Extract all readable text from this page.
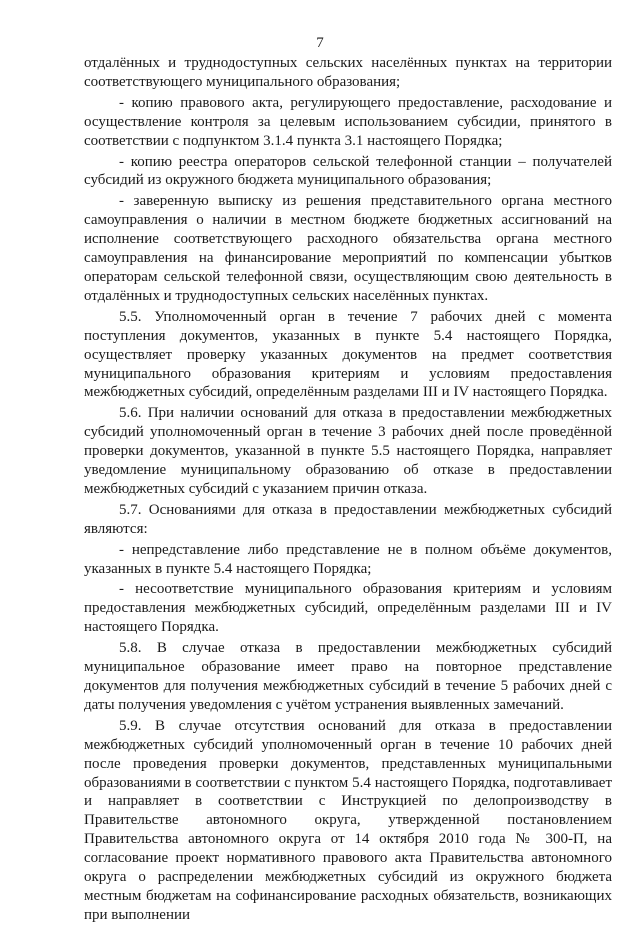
7

отдалённых и труднодоступных сельских населённых пунктах на территории соответствующего муниципального образования;

- копию правового акта, регулирующего предоставление, расходование и осуществление контроля за целевым использованием субсидии, принятого в соответствии с подпунктом 3.1.4 пункта 3.1 настоящего Порядка;

- копию реестра операторов сельской телефонной станции – получателей субсидий из окружного бюджета муниципального образования;

- заверенную выписку из решения представительного органа местного самоуправления о наличии в местном бюджете бюджетных ассигнований на исполнение соответствующего расходного обязательства органа местного самоуправления на финансирование мероприятий по компенсации убытков операторам сельской телефонной связи, осуществляющим свою деятельность в отдалённых и труднодоступных сельских населённых пунктах.

5.5. Уполномоченный орган в течение 7 рабочих дней с момента поступления документов, указанных в пункте 5.4 настоящего Порядка, осуществляет проверку указанных документов на предмет соответствия муниципального образования критериям и условиям предоставления межбюджетных субсидий, определённым разделами III и IV настоящего Порядка.

5.6. При наличии оснований для отказа в предоставлении межбюджетных субсидий уполномоченный орган в течение 3 рабочих дней после проведённой проверки документов, указанной в пункте 5.5 настоящего Порядка, направляет уведомление муниципальному образованию об отказе в предоставлении межбюджетных субсидий с указанием причин отказа.

5.7. Основаниями для отказа в предоставлении межбюджетных субсидий являются:

- непредставление либо представление не в полном объёме документов, указанных в пункте 5.4 настоящего Порядка;

- несоответствие муниципального образования критериям и условиям предоставления межбюджетных субсидий, определённым разделами III и IV настоящего Порядка.

5.8. В случае отказа в предоставлении межбюджетных субсидий муниципальное образование имеет право на повторное представление документов для получения межбюджетных субсидий в течение 5 рабочих дней с даты получения уведомления с учётом устранения выявленных замечаний.

5.9. В случае отсутствия оснований для отказа в предоставлении межбюджетных субсидий уполномоченный орган в течение 10 рабочих дней после проведения проверки документов, представленных муниципальными образованиями в соответствии с пунктом 5.4 настоящего Порядка, подготавливает и направляет в соответствии с Инструкцией по делопроизводству в Правительстве автономного округа, утвержденной постановлением Правительства автономного округа от 14 октября 2010 года № 300-П, на согласование проект нормативного правового акта Правительства автономного округа о распределении межбюджетных субсидий из окружного бюджета местным бюджетам на софинансирование расходных обязательств, возникающих при выполнении
